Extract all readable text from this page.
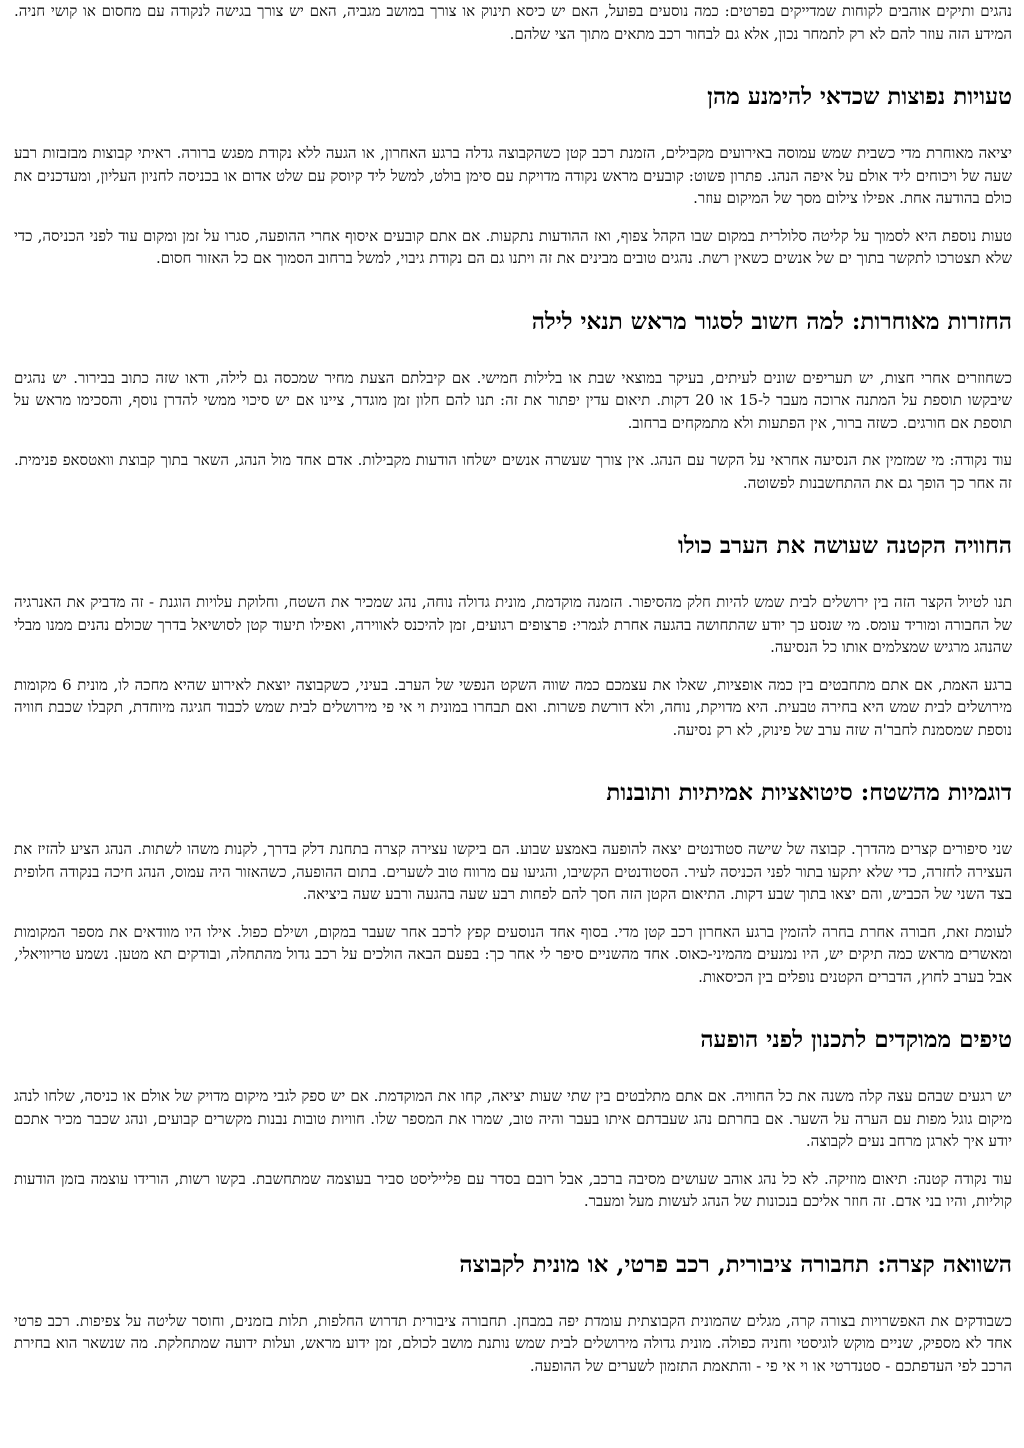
נהגים ותיקים אוהבים לקוחות שמדייקים בפרטים: כמה נוסעים בפועל, האם יש כיסא תינוק או צורך במושב מגביה, האם יש צורך בגישה לנקודה עם מחסום או קושי חניה. המידע הזה עוזר להם לא רק לתמחר נכון, אלא גם לבחור רכב מתאים מתוך הצי שלהם.

טעויות נפוצות שכדאי להימנע מהן

יציאה מאוחרת מדי כשבית שמש עמוסה באירועים מקבילים, הזמנת רכב קטן כשהקבוצה גדלה ברגע האחרון, או הגעה ללא נקודת מפגש ברורה. ראיתי קבוצות מבזבזות רבע שעה של ויכוחים ליד אולם על איפה הנהג. פתרון פשוט: קובעים מראש נקודה מדויקת עם סימן בולט, למשל ליד קיוסק עם שלט אדום או בכניסה לחניון העליון, ומעדכנים את כולם בהודעה אחת. אפילו צילום מסך של המיקום עוזר.

טעות נוספת היא לסמוך על קליטה סלולרית במקום שבו הקהל צפוף, ואז ההודעות נתקעות. אם אתם קובעים איסוף אחרי ההופעה, סגרו על זמן ומקום עוד לפני הכניסה, כדי שלא תצטרכו לתקשר בתוך ים של אנשים כשאין רשת. נהגים טובים מבינים את זה ויתנו גם הם נקודת גיבוי, למשל ברחוב הסמוך אם כל האזור חסום.

החזרות מאוחרות: למה חשוב לסגור מראש תנאי לילה

כשחוזרים אחרי חצות, יש תעריפים שונים לעיתים, בעיקר במוצאי שבת או בלילות חמישי. אם קיבלתם הצעת מחיר שמכסה גם לילה, ודאו שזה כתוב בבירור. יש נהגים שיבקשו תוספת על המתנה ארוכה מעבר ל-15 או 20 דקות. תיאום עדין יפתור את זה: תנו להם חלון זמן מוגדר, ציינו אם יש סיכוי ממשי להדרן נוסף, והסכימו מראש על תוספת אם חורגים. כשזה ברור, אין הפתעות ולא מתמקחים ברחוב.

עוד נקודה: מי שמזמין את הנסיעה אחראי על הקשר עם הנהג. אין צורך שעשרה אנשים ישלחו הודעות מקבילות. אדם אחד מול הנהג, השאר בתוך קבוצת וואטסאפ פנימית. זה אחר כך הופך גם את ההתחשבנות לפשוטה.

החוויה הקטנה שעושה את הערב כולו

תנו לטיול הקצר הזה בין ירושלים לבית שמש להיות חלק מהסיפור. הזמנה מוקדמת, מונית גדולה נוחה, נהג שמכיר את השטח, וחלוקת עלויות הוגנת - זה מדביק את האנרגיה של החבורה ומוריד עומס. מי שנסע כך יודע שהתחושה בהגעה אחרת לגמרי: פרצופים רגועים, זמן להיכנס לאווירה, ואפילו תיעוד קטן לסושיאל בדרך שכולם נהנים ממנו מבלי שהנהג מרגיש שמצלמים אותו כל הנסיעה.

ברגע האמת, אם אתם מתחבטים בין כמה אופציות, שאלו את עצמכם כמה שווה השקט הנפשי של הערב. בעיני, כשקבוצה יוצאת לאירוע שהיא מחכה לו, מונית 6 מקומות מירושלים לבית שמש היא בחירה טבעית. היא מדויקת, נוחה, ולא דורשת פשרות. ואם תבחרו במונית וי אי פי מירושלים לבית שמש לכבוד חגיגה מיוחדת, תקבלו שכבת חוויה נוספת שמסמנת לחבר'ה שזה ערב של פינוק, לא רק נסיעה.

דוגמיות מהשטח: סיטואציות אמיתיות ותובנות

שני סיפורים קצרים מהדרך. קבוצה של שישה סטודנטים יצאה להופעה באמצע שבוע. הם ביקשו עצירה קצרה בתחנת דלק בדרך, לקנות משהו לשתות. הנהג הציע להזיז את העצירה לחזרה, כדי שלא יתקעו בתור לפני הכניסה לעיר. הסטודנטים הקשיבו, והגיעו עם מרווח טוב לשערים. בתום ההופעה, כשהאזור היה עמוס, הנהג חיכה בנקודה חלופית בצד השני של הכביש, והם יצאו בתוך שבע דקות. התיאום הקטן הזה חסך להם לפחות רבע שעה בהגעה ורבע שעה ביציאה.

לעומת זאת, חבורה אחרת בחרה להזמין ברגע האחרון רכב קטן מדי. בסוף אחד הנוסעים קפץ לרכב אחר שעבר במקום, ושילם כפול. אילו היו מוודאים את מספר המקומות ומאשרים מראש כמה תיקים יש, היו נמנעים מהמיני-כאוס. אחד מהשניים סיפר לי אחר כך: בפעם הבאה הולכים על רכב גדול מהתחלה, ובודקים תא מטען. נשמע טריוויאלי, אבל בערב לחוץ, הדברים הקטנים נופלים בין הכיסאות.

טיפים ממוקדים לתכנון לפני הופעה

יש רגעים שבהם עצה קלה משנה את כל החוויה. אם אתם מתלבטים בין שתי שעות יציאה, קחו את המוקדמת. אם יש ספק לגבי מיקום מדויק של אולם או כניסה, שלחו לנהג מיקום גוגל מפות עם הערה על השער. אם בחרתם נהג שעבדתם איתו בעבר והיה טוב, שמרו את המספר שלו. חוויות טובות נבנות מקשרים קבועים, ונהג שכבר מכיר אתכם יודע איך לארגן מרחב נעים לקבוצה.

עוד נקודה קטנה: תיאום מוזיקה. לא כל נהג אוהב שעושים מסיבה ברכב, אבל רובם בסדר עם פלייליסט סביר בעוצמה שמתחשבת. בקשו רשות, הורידו עוצמה בזמן הודעות קוליות, והיו בני אדם. זה חוזר אליכם בנכונות של הנהג לעשות מעל ומעבר.

השוואה קצרה: תחבורה ציבורית, רכב פרטי, או מונית לקבוצה

כשבודקים את האפשרויות בצורה קרה, מגלים שהמונית הקבוצתית עומדת יפה במבחן. תחבורה ציבורית תדרוש החלפות, תלות בזמנים, וחוסר שליטה על צפיפות. רכב פרטי אחד לא מספיק, שניים מוקש לוגיסטי וחניה כפולה. מונית גדולה מירושלים לבית שמש נותנת מושב לכולם, זמן ידוע מראש, ועלות ידועה שמתחלקת. מה שנשאר הוא בחירת הרכב לפי העדפתכם - סטנדרטי או וי אי פי - והתאמת התזמון לשערים של ההופעה.
